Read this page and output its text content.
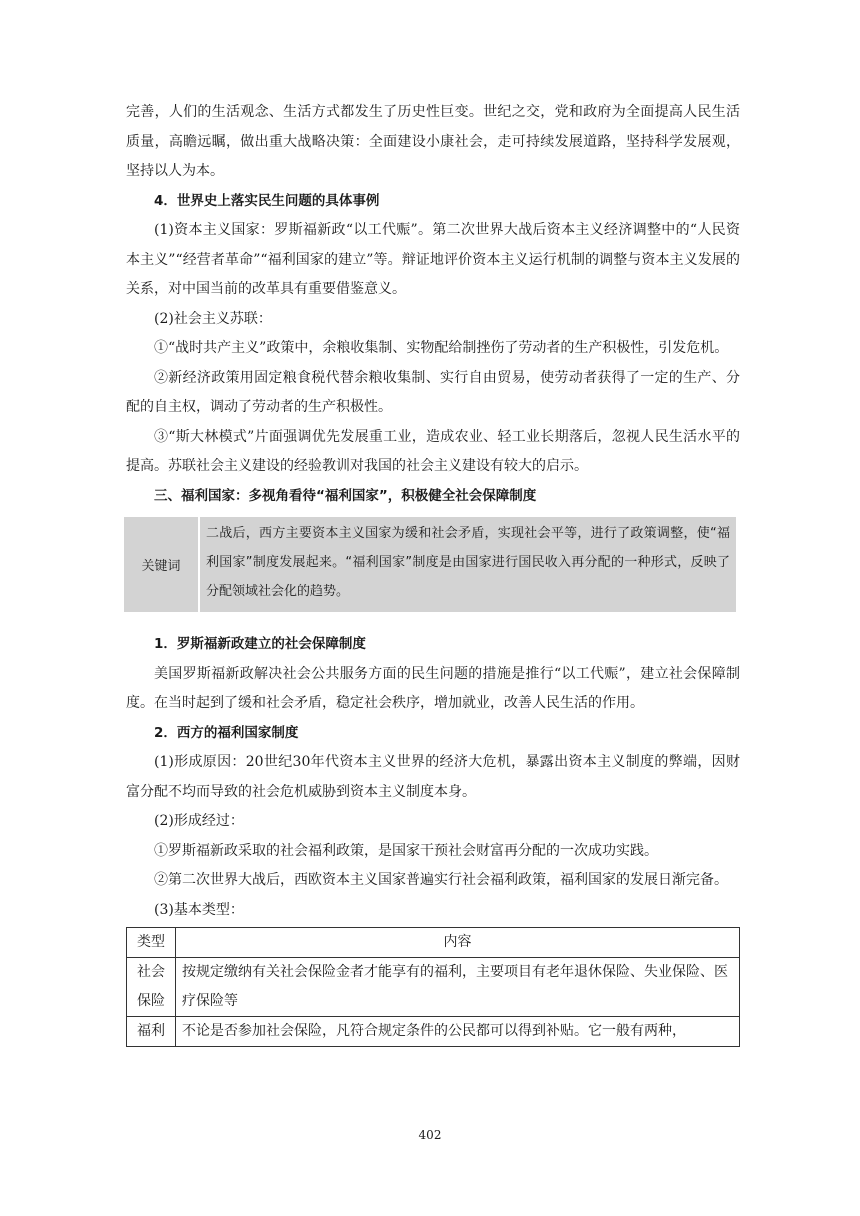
完善，人们的生活观念、生活方式都发生了历史性巨变。世纪之交，党和政府为全面提高人民生活质量，高瞻远瞩，做出重大战略决策：全面建设小康社会，走可持续发展道路，坚持科学发展观，坚持以人为本。

4．世界史上落实民生问题的具体事例

(1)资本主义国家：罗斯福新政“以工代赈”。第二次世界大战后资本主义经济调整中的“人民资本主义”“经营者革命”“福利国家的建立”等。辩证地评价资本主义运行机制的调整与资本主义发展的关系，对中国当前的改革具有重要借鉴意义。

(2)社会主义苏联：

①“战时共产主义”政策中，余粮收集制、实物配给制挫伤了劳动者的生产积极性，引发危机。

②新经济政策用固定粮食税代替余粮收集制、实行自由贸易，使劳动者获得了一定的生产、分配的自主权，调动了劳动者的生产积极性。

③“斯大林模式”片面强调优先发展重工业，造成农业、轻工业长期落后，忽视人民生活水平的提高。苏联社会主义建设的经验教训对我国的社会主义建设有较大的启示。

三、福利国家：多视角看待“福利国家”，积极健全社会保障制度

关键词
二战后，西方主要资本主义国家为缓和社会矛盾，实现社会平等，进行了政策调整，使“福利国家”制度发展起来。“福利国家”制度是由国家进行国民收入再分配的一种形式，反映了分配领域社会化的趋势。

1．罗斯福新政建立的社会保障制度

美国罗斯福新政解决社会公共服务方面的民生问题的措施是推行“以工代赈”，建立社会保障制度。在当时起到了缓和社会矛盾，稳定社会秩序，增加就业，改善人民生活的作用。

2．西方的福利国家制度

(1)形成原因：20世纪30年代资本主义世界的经济大危机，暴露出资本主义制度的弊端，因财富分配不均而导致的社会危机威胁到资本主义制度本身。

(2)形成经过：

①罗斯福新政采取的社会福利政策，是国家干预社会财富再分配的一次成功实践。

②第二次世界大战后，西欧资本主义国家普遍实行社会福利政策，福利国家的发展日渐完备。

(3)基本类型：

类型	内容
社会保险	按规定缴纳有关社会保险金者才能享有的福利，主要项目有老年退休保险、失业保险、医疗保险等
福利	不论是否参加社会保险，凡符合规定条件的公民都可以得到补贴。它一般有两种，
402
